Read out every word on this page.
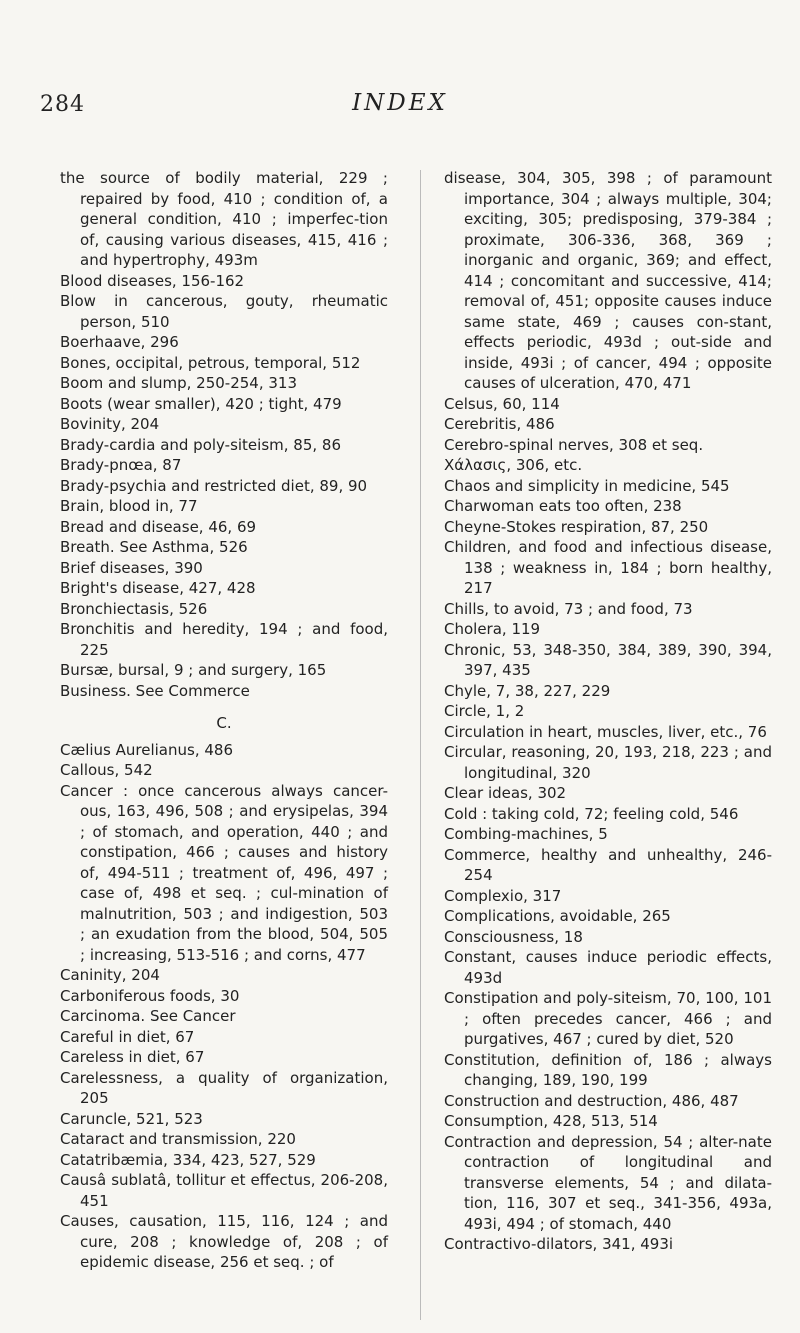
284	INDEX
the source of bodily material, 229 ; repaired by food, 410 ; condition of, a general condition, 410 ; imperfec-tion of, causing various diseases, 415, 416 ; and hypertrophy, 493m
Blood diseases, 156-162
Blow in cancerous, gouty, rheumatic person, 510
Boerhaave, 296
Bones, occipital, petrous, temporal, 512
Boom and slump, 250-254, 313
Boots (wear smaller), 420 ; tight, 479
Bovinity, 204
Brady-cardia and poly-siteism, 85, 86
Brady-pnœa, 87
Brady-psychia and restricted diet, 89, 90
Brain, blood in, 77
Bread and disease, 46, 69
Breath. See Asthma, 526
Brief diseases, 390
Bright's disease, 427, 428
Bronchiectasis, 526
Bronchitis and heredity, 194 ; and food, 225
Bursæ, bursal, 9 ; and surgery, 165
Business. See Commerce
C.
Cælius Aurelianus, 486
Callous, 542
Cancer : once cancerous always cancer-ous, 163, 496, 508 ; and erysipelas, 394 ; of stomach, and operation, 440 ; and constipation, 466 ; causes and history of, 494-511 ; treatment of, 496, 497 ; case of, 498 et seq. ; cul-mination of malnutrition, 503 ; and indigestion, 503 ; an exudation from the blood, 504, 505 ; increasing, 513-516 ; and corns, 477
Caninity, 204
Carboniferous foods, 30
Carcinoma. See Cancer
Careful in diet, 67
Careless in diet, 67
Carelessness, a quality of organization, 205
Caruncle, 521, 523
Cataract and transmission, 220
Catatribæmia, 334, 423, 527, 529
Causâ sublatâ, tollitur et effectus, 206-208, 451
Causes, causation, 115, 116, 124 ; and cure, 208 ; knowledge of, 208 ; of epidemic disease, 256 et seq. ; of
disease, 304, 305, 398 ; of paramount importance, 304 ; always multiple, 304; exciting, 305; predisposing, 379-384 ; proximate, 306-336, 368, 369 ; inorganic and organic, 369; and effect, 414 ; concomitant and successive, 414; removal of, 451; opposite causes induce same state, 469 ; causes con-stant, effects periodic, 493d ; out-side and inside, 493i ; of cancer, 494 ; opposite causes of ulceration, 470, 471
Celsus, 60, 114
Cerebritis, 486
Cerebro-spinal nerves, 308 et seq.
Χάλασις, 306, etc.
Chaos and simplicity in medicine, 545
Charwoman eats too often, 238
Cheyne-Stokes respiration, 87, 250
Children, and food and infectious disease, 138 ; weakness in, 184 ; born healthy, 217
Chills, to avoid, 73 ; and food, 73
Cholera, 119
Chronic, 53, 348-350, 384, 389, 390, 394, 397, 435
Chyle, 7, 38, 227, 229
Circle, 1, 2
Circulation in heart, muscles, liver, etc., 76
Circular, reasoning, 20, 193, 218, 223 ; and longitudinal, 320
Clear ideas, 302
Cold : taking cold, 72; feeling cold, 546
Combing-machines, 5
Commerce, healthy and unhealthy, 246-254
Complexio, 317
Complications, avoidable, 265
Consciousness, 18
Constant, causes induce periodic effects, 493d
Constipation and poly-siteism, 70, 100, 101 ; often precedes cancer, 466 ; and purgatives, 467 ; cured by diet, 520
Constitution, definition of, 186 ; always changing, 189, 190, 199
Construction and destruction, 486, 487
Consumption, 428, 513, 514
Contraction and depression, 54 ; alter-nate contraction of longitudinal and transverse elements, 54 ; and dilata-tion, 116, 307 et seq., 341-356, 493a, 493i, 494 ; of stomach, 440
Contractivo-dilators, 341, 493i
